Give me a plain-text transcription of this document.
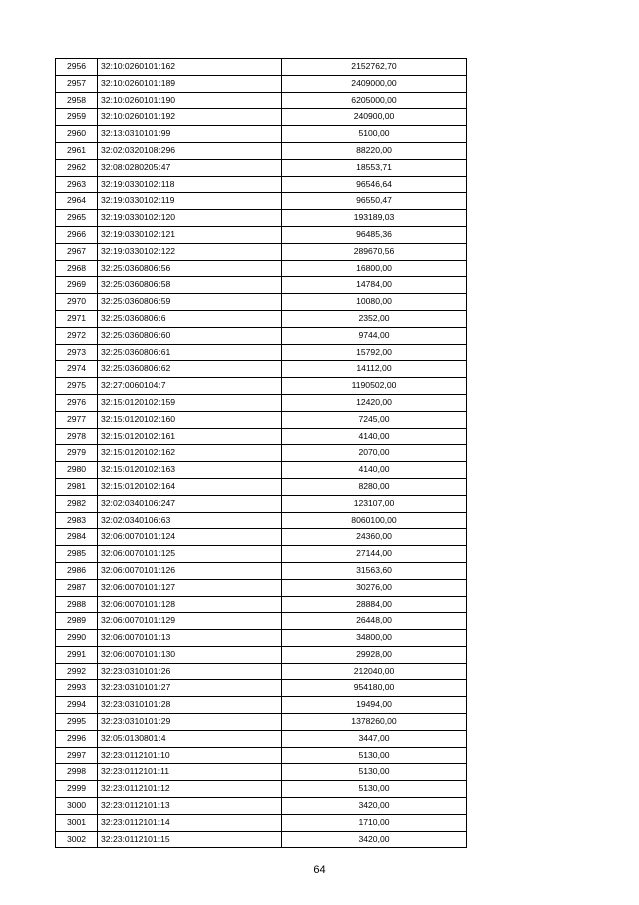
2956	32:10:0260101:162	2152762,70
2957	32:10:0260101:189	2409000,00
2958	32:10:0260101:190	6205000,00
2959	32:10:0260101:192	240900,00
2960	32:13:0310101:99	5100,00
2961	32:02:0320108:296	88220,00
2962	32:08:0280205:47	18553,71
2963	32:19:0330102:118	96546,64
2964	32:19:0330102:119	96550,47
2965	32:19:0330102:120	193189,03
2966	32:19:0330102:121	96485,36
2967	32:19:0330102:122	289670,56
2968	32:25:0360806:56	16800,00
2969	32:25:0360806:58	14784,00
2970	32:25:0360806:59	10080,00
2971	32:25:0360806:6	2352,00
2972	32:25:0360806:60	9744,00
2973	32:25:0360806:61	15792,00
2974	32:25:0360806:62	14112,00
2975	32:27:0060104:7	1190502,00
2976	32:15:0120102:159	12420,00
2977	32:15:0120102:160	7245,00
2978	32:15:0120102:161	4140,00
2979	32:15:0120102:162	2070,00
2980	32:15:0120102:163	4140,00
2981	32:15:0120102:164	8280,00
2982	32:02:0340106:247	123107,00
2983	32:02:0340106:63	8060100,00
2984	32:06:0070101:124	24360,00
2985	32:06:0070101:125	27144,00
2986	32:06:0070101:126	31563,60
2987	32:06:0070101:127	30276,00
2988	32:06:0070101:128	28884,00
2989	32:06:0070101:129	26448,00
2990	32:06:0070101:13	34800,00
2991	32:06:0070101:130	29928,00
2992	32:23:0310101:26	212040,00
2993	32:23:0310101:27	954180,00
2994	32:23:0310101:28	19494,00
2995	32:23:0310101:29	1378260,00
2996	32:05:0130801:4	3447,00
2997	32:23:0112101:10	5130,00
2998	32:23:0112101:11	5130,00
2999	32:23:0112101:12	5130,00
3000	32:23:0112101:13	3420,00
3001	32:23:0112101:14	1710,00
3002	32:23:0112101:15	3420,00
64
